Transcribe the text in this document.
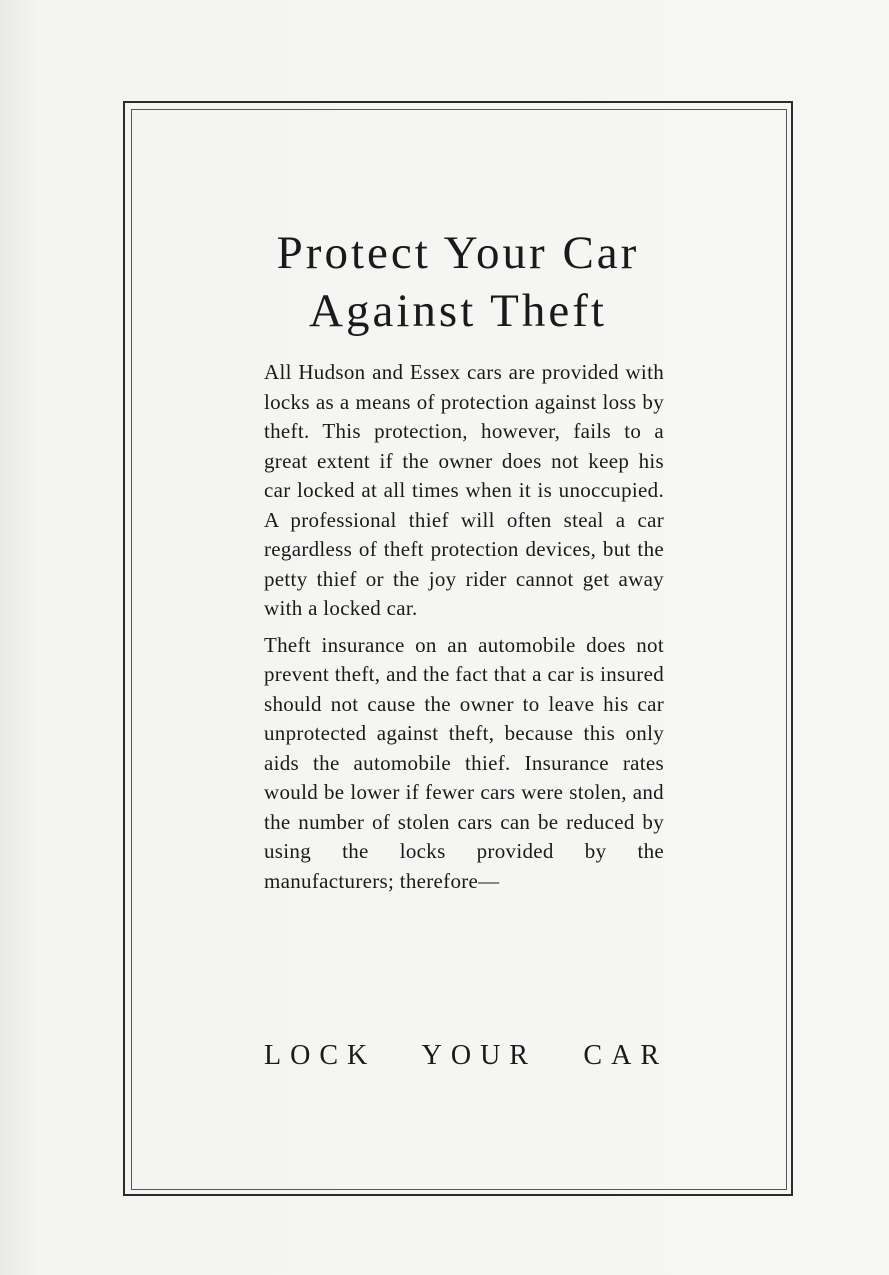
Protect Your Car
Against Theft

All Hudson and Essex cars are provided with locks as a means of protection against loss by theft. This protection, however, fails to a great extent if the owner does not keep his car locked at all times when it is unoccupied. A professional thief will often steal a car regardless of theft protection devices, but the petty thief or the joy rider cannot get away with a locked car.

Theft insurance on an automobile does not prevent theft, and the fact that a car is insured should not cause the owner to leave his car unprotected against theft, because this only aids the automobile thief. Insurance rates would be lower if fewer cars were stolen, and the number of stolen cars can be reduced by using the locks provided by the manufacturers; therefore—

LOCK YOUR CAR
